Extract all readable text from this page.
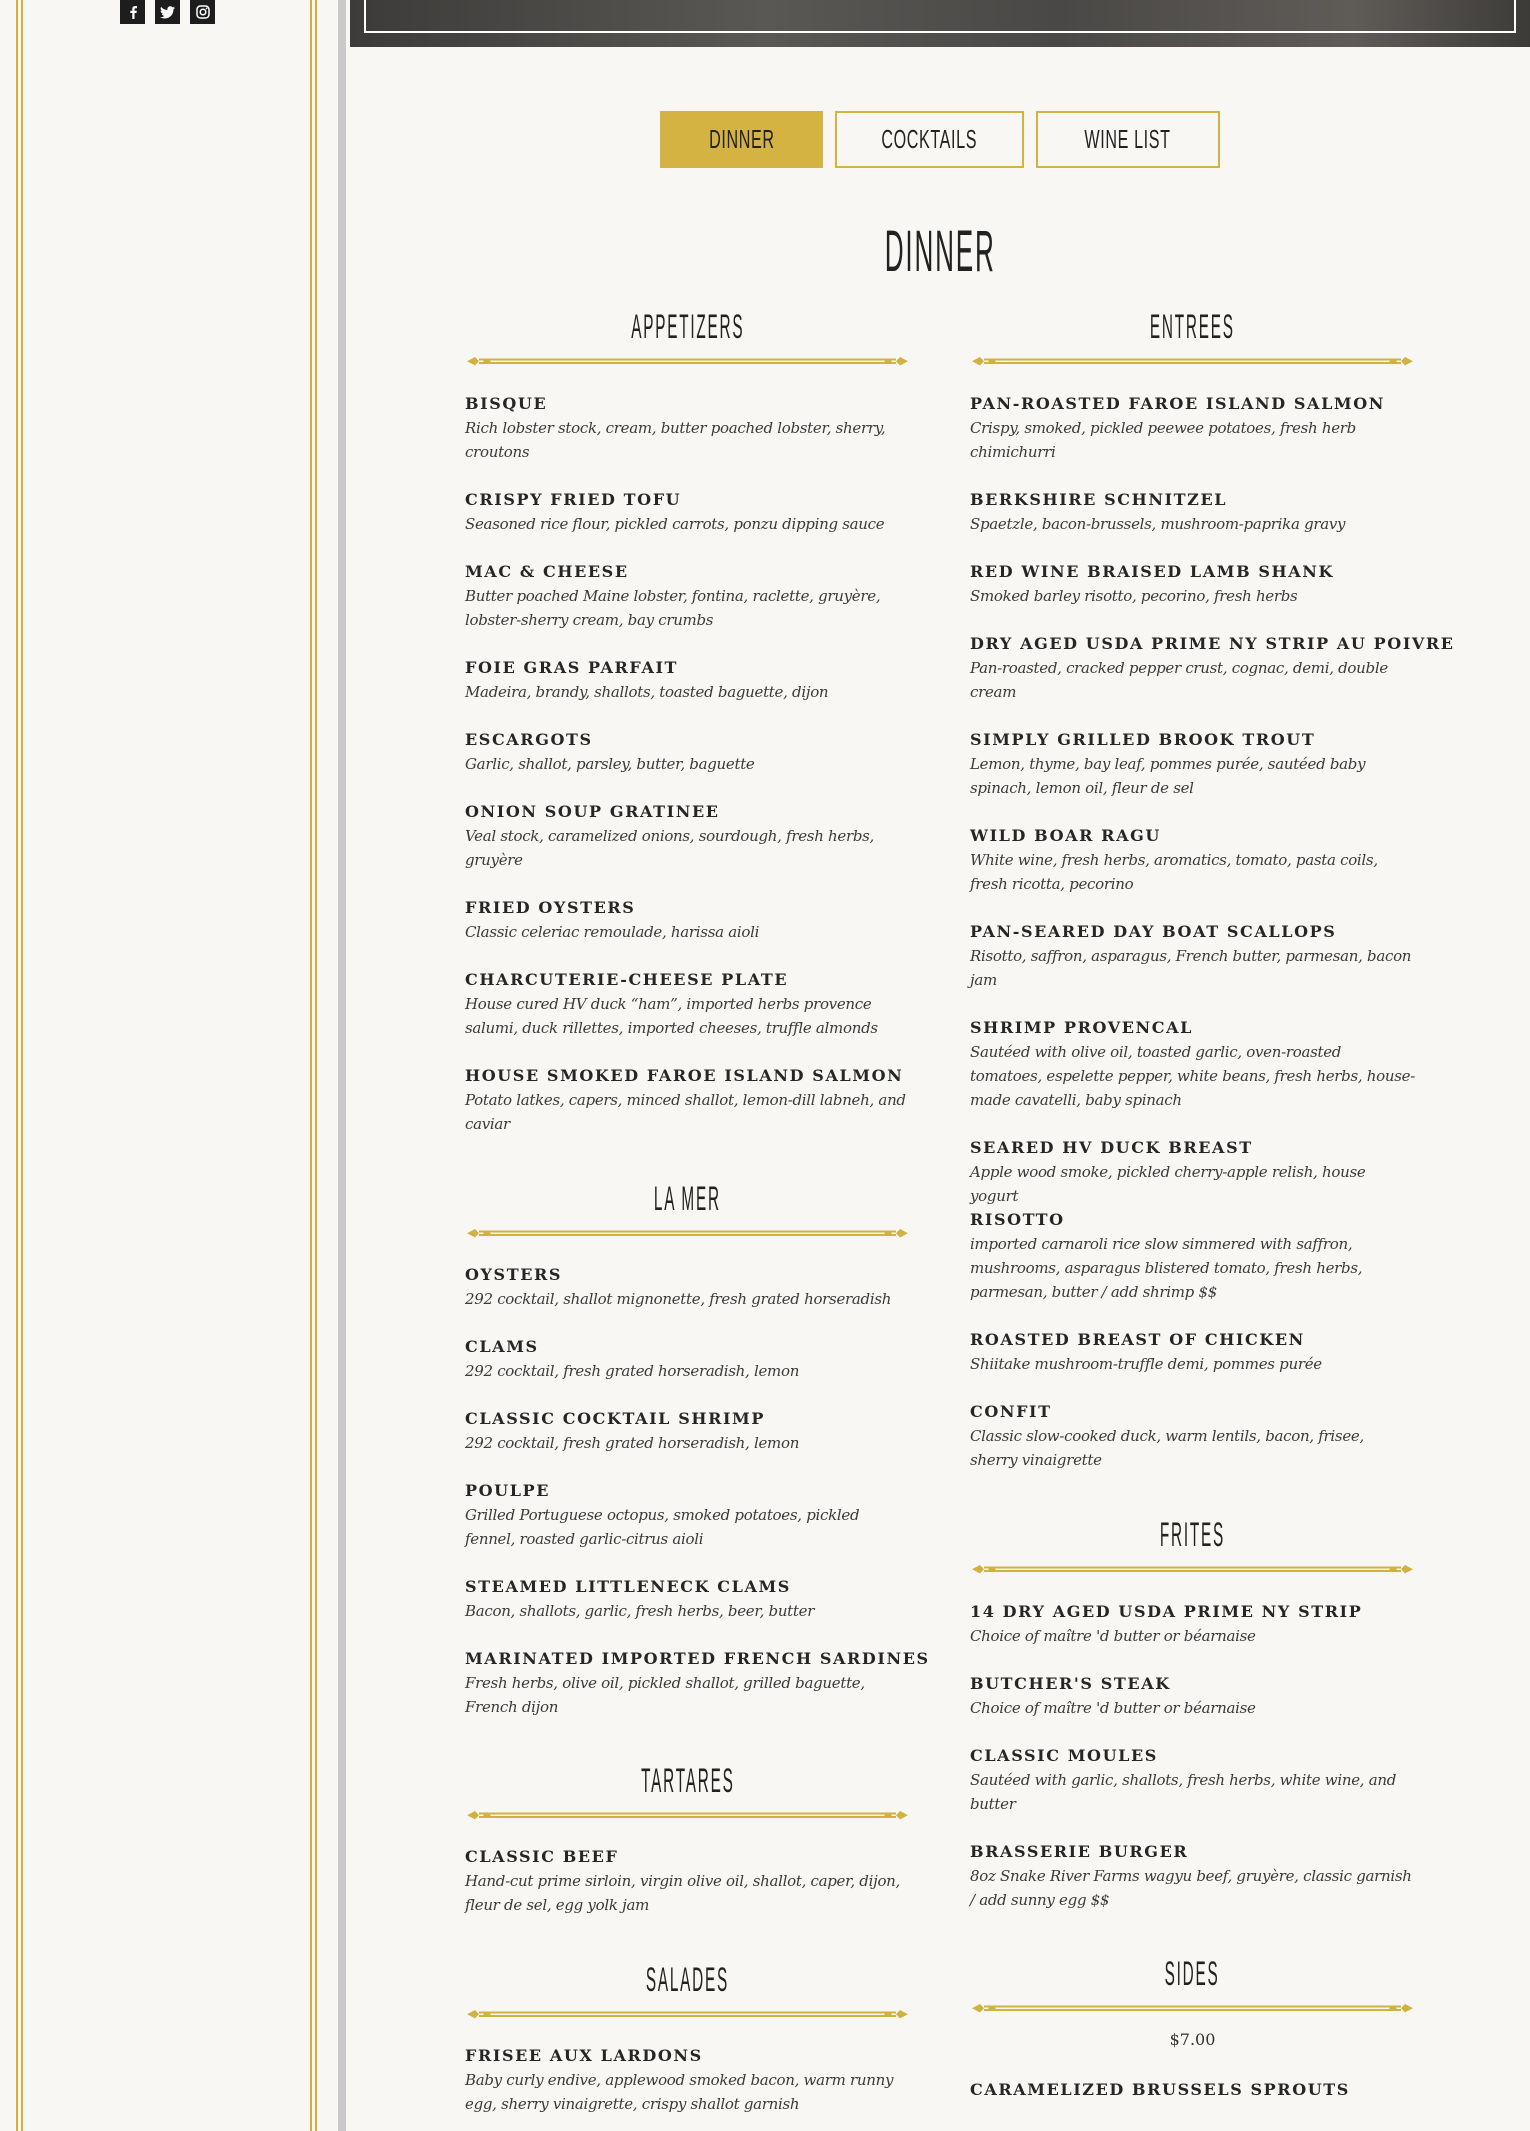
DINNER	COCKTAILS	WINE LIST
DINNER
APPETIZERS
BISQUE
Rich lobster stock, cream, butter poached lobster, sherry, croutons
CRISPY FRIED TOFU
Seasoned rice flour, pickled carrots, ponzu dipping sauce
MAC & CHEESE
Butter poached Maine lobster, fontina, raclette, gruyère, lobster-sherry cream, bay crumbs
FOIE GRAS PARFAIT
Madeira, brandy, shallots, toasted baguette, dijon
ESCARGOTS
Garlic, shallot, parsley, butter, baguette
ONION SOUP GRATINEE
Veal stock, caramelized onions, sourdough, fresh herbs, gruyère
FRIED OYSTERS
Classic celeriac remoulade, harissa aioli
CHARCUTERIE-CHEESE PLATE
House cured HV duck “ham”, imported herbs provence salumi, duck rillettes, imported cheeses, truffle almonds
HOUSE SMOKED FAROE ISLAND SALMON
Potato latkes, capers, minced shallot, lemon-dill labneh, and caviar
LA MER
OYSTERS
292 cocktail, shallot mignonette, fresh grated horseradish
CLAMS
292 cocktail, fresh grated horseradish, lemon
CLASSIC COCKTAIL SHRIMP
292 cocktail, fresh grated horseradish, lemon
POULPE
Grilled Portuguese octopus, smoked potatoes, pickled fennel, roasted garlic-citrus aioli
STEAMED LITTLENECK CLAMS
Bacon, shallots, garlic, fresh herbs, beer, butter
MARINATED IMPORTED FRENCH SARDINES
Fresh herbs, olive oil, pickled shallot, grilled baguette, French dijon
TARTARES
CLASSIC BEEF
Hand-cut prime sirloin, virgin olive oil, shallot, caper, dijon, fleur de sel, egg yolk jam
SALADES
FRISEE AUX LARDONS
Baby curly endive, applewood smoked bacon, warm runny egg, sherry vinaigrette, crispy shallot garnish
ENTREES
PAN-ROASTED FAROE ISLAND SALMON
Crispy, smoked, pickled peewee potatoes, fresh herb chimichurri
BERKSHIRE SCHNITZEL
Spaetzle, bacon-brussels, mushroom-paprika gravy
RED WINE BRAISED LAMB SHANK
Smoked barley risotto, pecorino, fresh herbs
DRY AGED USDA PRIME NY STRIP AU POIVRE
Pan-roasted, cracked pepper crust, cognac, demi, double cream
SIMPLY GRILLED BROOK TROUT
Lemon, thyme, bay leaf, pommes purée, sautéed baby spinach, lemon oil, fleur de sel
WILD BOAR RAGU
White wine, fresh herbs, aromatics, tomato, pasta coils, fresh ricotta, pecorino
PAN-SEARED DAY BOAT SCALLOPS
Risotto, saffron, asparagus, French butter, parmesan, bacon jam
SHRIMP PROVENCAL
Sautéed with olive oil, toasted garlic, oven-roasted tomatoes, espelette pepper, white beans, fresh herbs, house-made cavatelli, baby spinach
SEARED HV DUCK BREAST
Apple wood smoke, pickled cherry-apple relish, house yogurt
RISOTTO
imported carnaroli rice slow simmered with saffron, mushrooms, asparagus blistered tomato, fresh herbs, parmesan, butter / add shrimp $$
ROASTED BREAST OF CHICKEN
Shiitake mushroom-truffle demi, pommes purée
CONFIT
Classic slow-cooked duck, warm lentils, bacon, frisee, sherry vinaigrette
FRITES
14 DRY AGED USDA PRIME NY STRIP
Choice of maître 'd butter or béarnaise
BUTCHER'S STEAK
Choice of maître 'd butter or béarnaise
CLASSIC MOULES
Sautéed with garlic, shallots, fresh herbs, white wine, and butter
BRASSERIE BURGER
8oz Snake River Farms wagyu beef, gruyère, classic garnish / add sunny egg $$
SIDES
$7.00
CARAMELIZED BRUSSELS SPROUTS
